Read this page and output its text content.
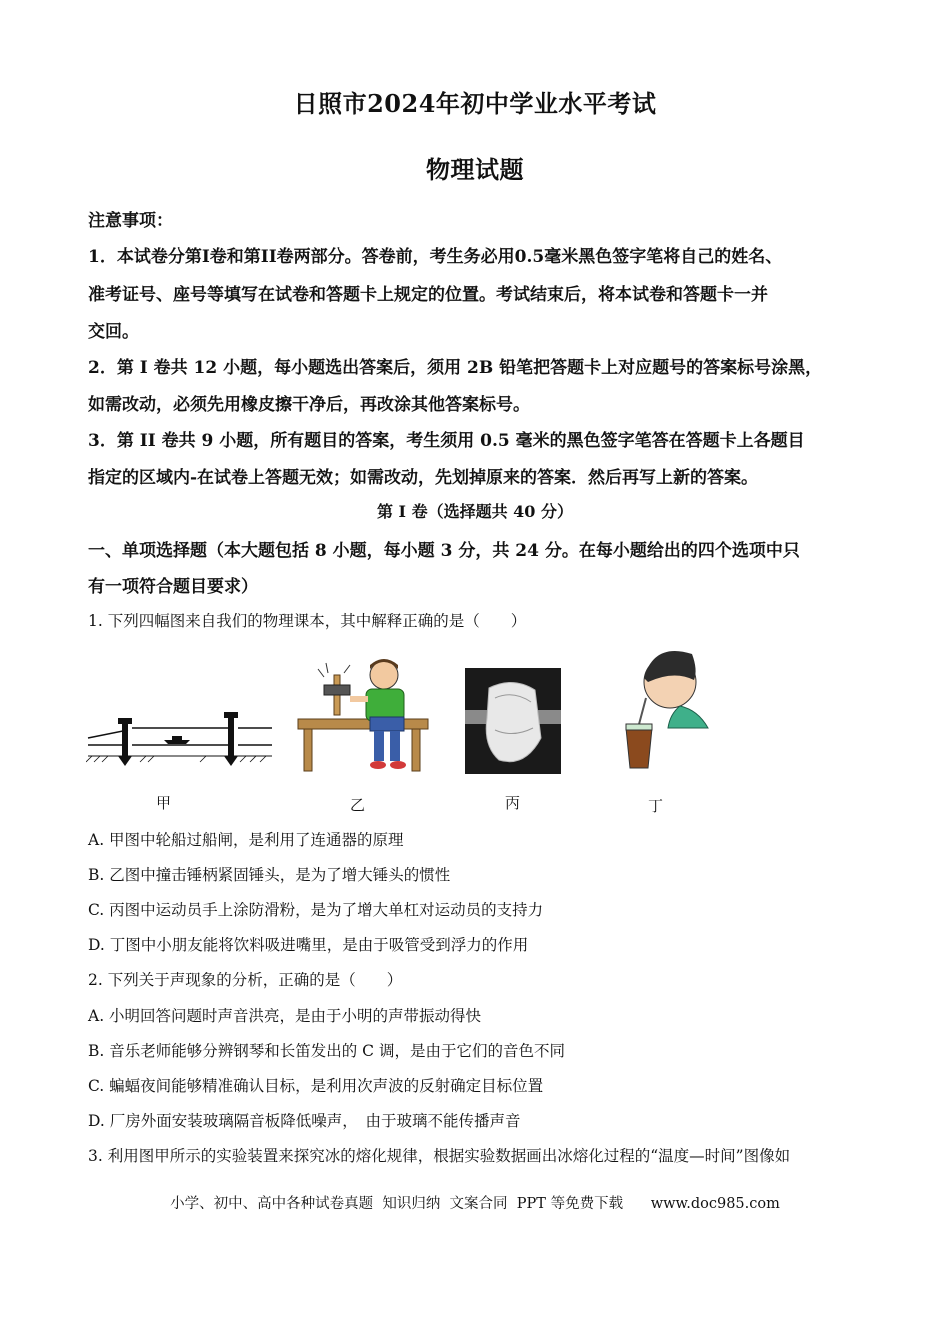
日照市2024年初中学业水平考试
物理试题
注意事项：
1．本试卷分第I卷和第II卷两部分。答卷前，考生务必用0.5毫米黑色签字笔将自己的姓名、
准考证号、座号等填写在试卷和答题卡上规定的位置。考试结束后，将本试卷和答题卡一并
交回。
2．第 I 卷共 12 小题，每小题选出答案后，须用 2B 铅笔把答题卡上对应题号的答案标号涂黑，
如需改动，必须先用橡皮擦干净后，再改涂其他答案标号。
3．第 II 卷共 9 小题，所有题目的答案，考生须用 0.5 毫米的黑色签字笔答在答题卡上各题目
指定的区域内-在试卷上答题无效；如需改动，先划掉原来的答案．然后再写上新的答案。
第 I 卷（选择题共 40 分）
一、单项选择题（本大题包括 8 小题，每小题 3 分，共 24 分。在每小题给出的四个选项中只
有一项符合题目要求）
1. 下列四幅图来自我们的物理课本，其中解释正确的是（　　）
甲	乙	丙	丁
A. 甲图中轮船过船闸，是利用了连通器的原理
B. 乙图中撞击锤柄紧固锤头，是为了增大锤头的惯性
C. 丙图中运动员手上涂防滑粉，是为了增大单杠对运动员的支持力
D. 丁图中小朋友能将饮料吸进嘴里，是由于吸管受到浮力的作用
2. 下列关于声现象的分析，正确的是（　　）
A. 小明回答问题时声音洪亮，是由于小明的声带振动得快
B. 音乐老师能够分辨钢琴和长笛发出的 C 调，是由于它们的音色不同
C. 蝙蝠夜间能够精准确认目标，是利用次声波的反射确定目标位置
D. 厂房外面安装玻璃隔音板降低噪声，　由于玻璃不能传播声音
3. 利用图甲所示的实验装置来探究冰的熔化规律，根据实验数据画出冰熔化过程的“温度—时间”图像如
小学、初中、高中各种试卷真题  知识归纳  文案合同  PPT 等免费下载      www.doc985.com
